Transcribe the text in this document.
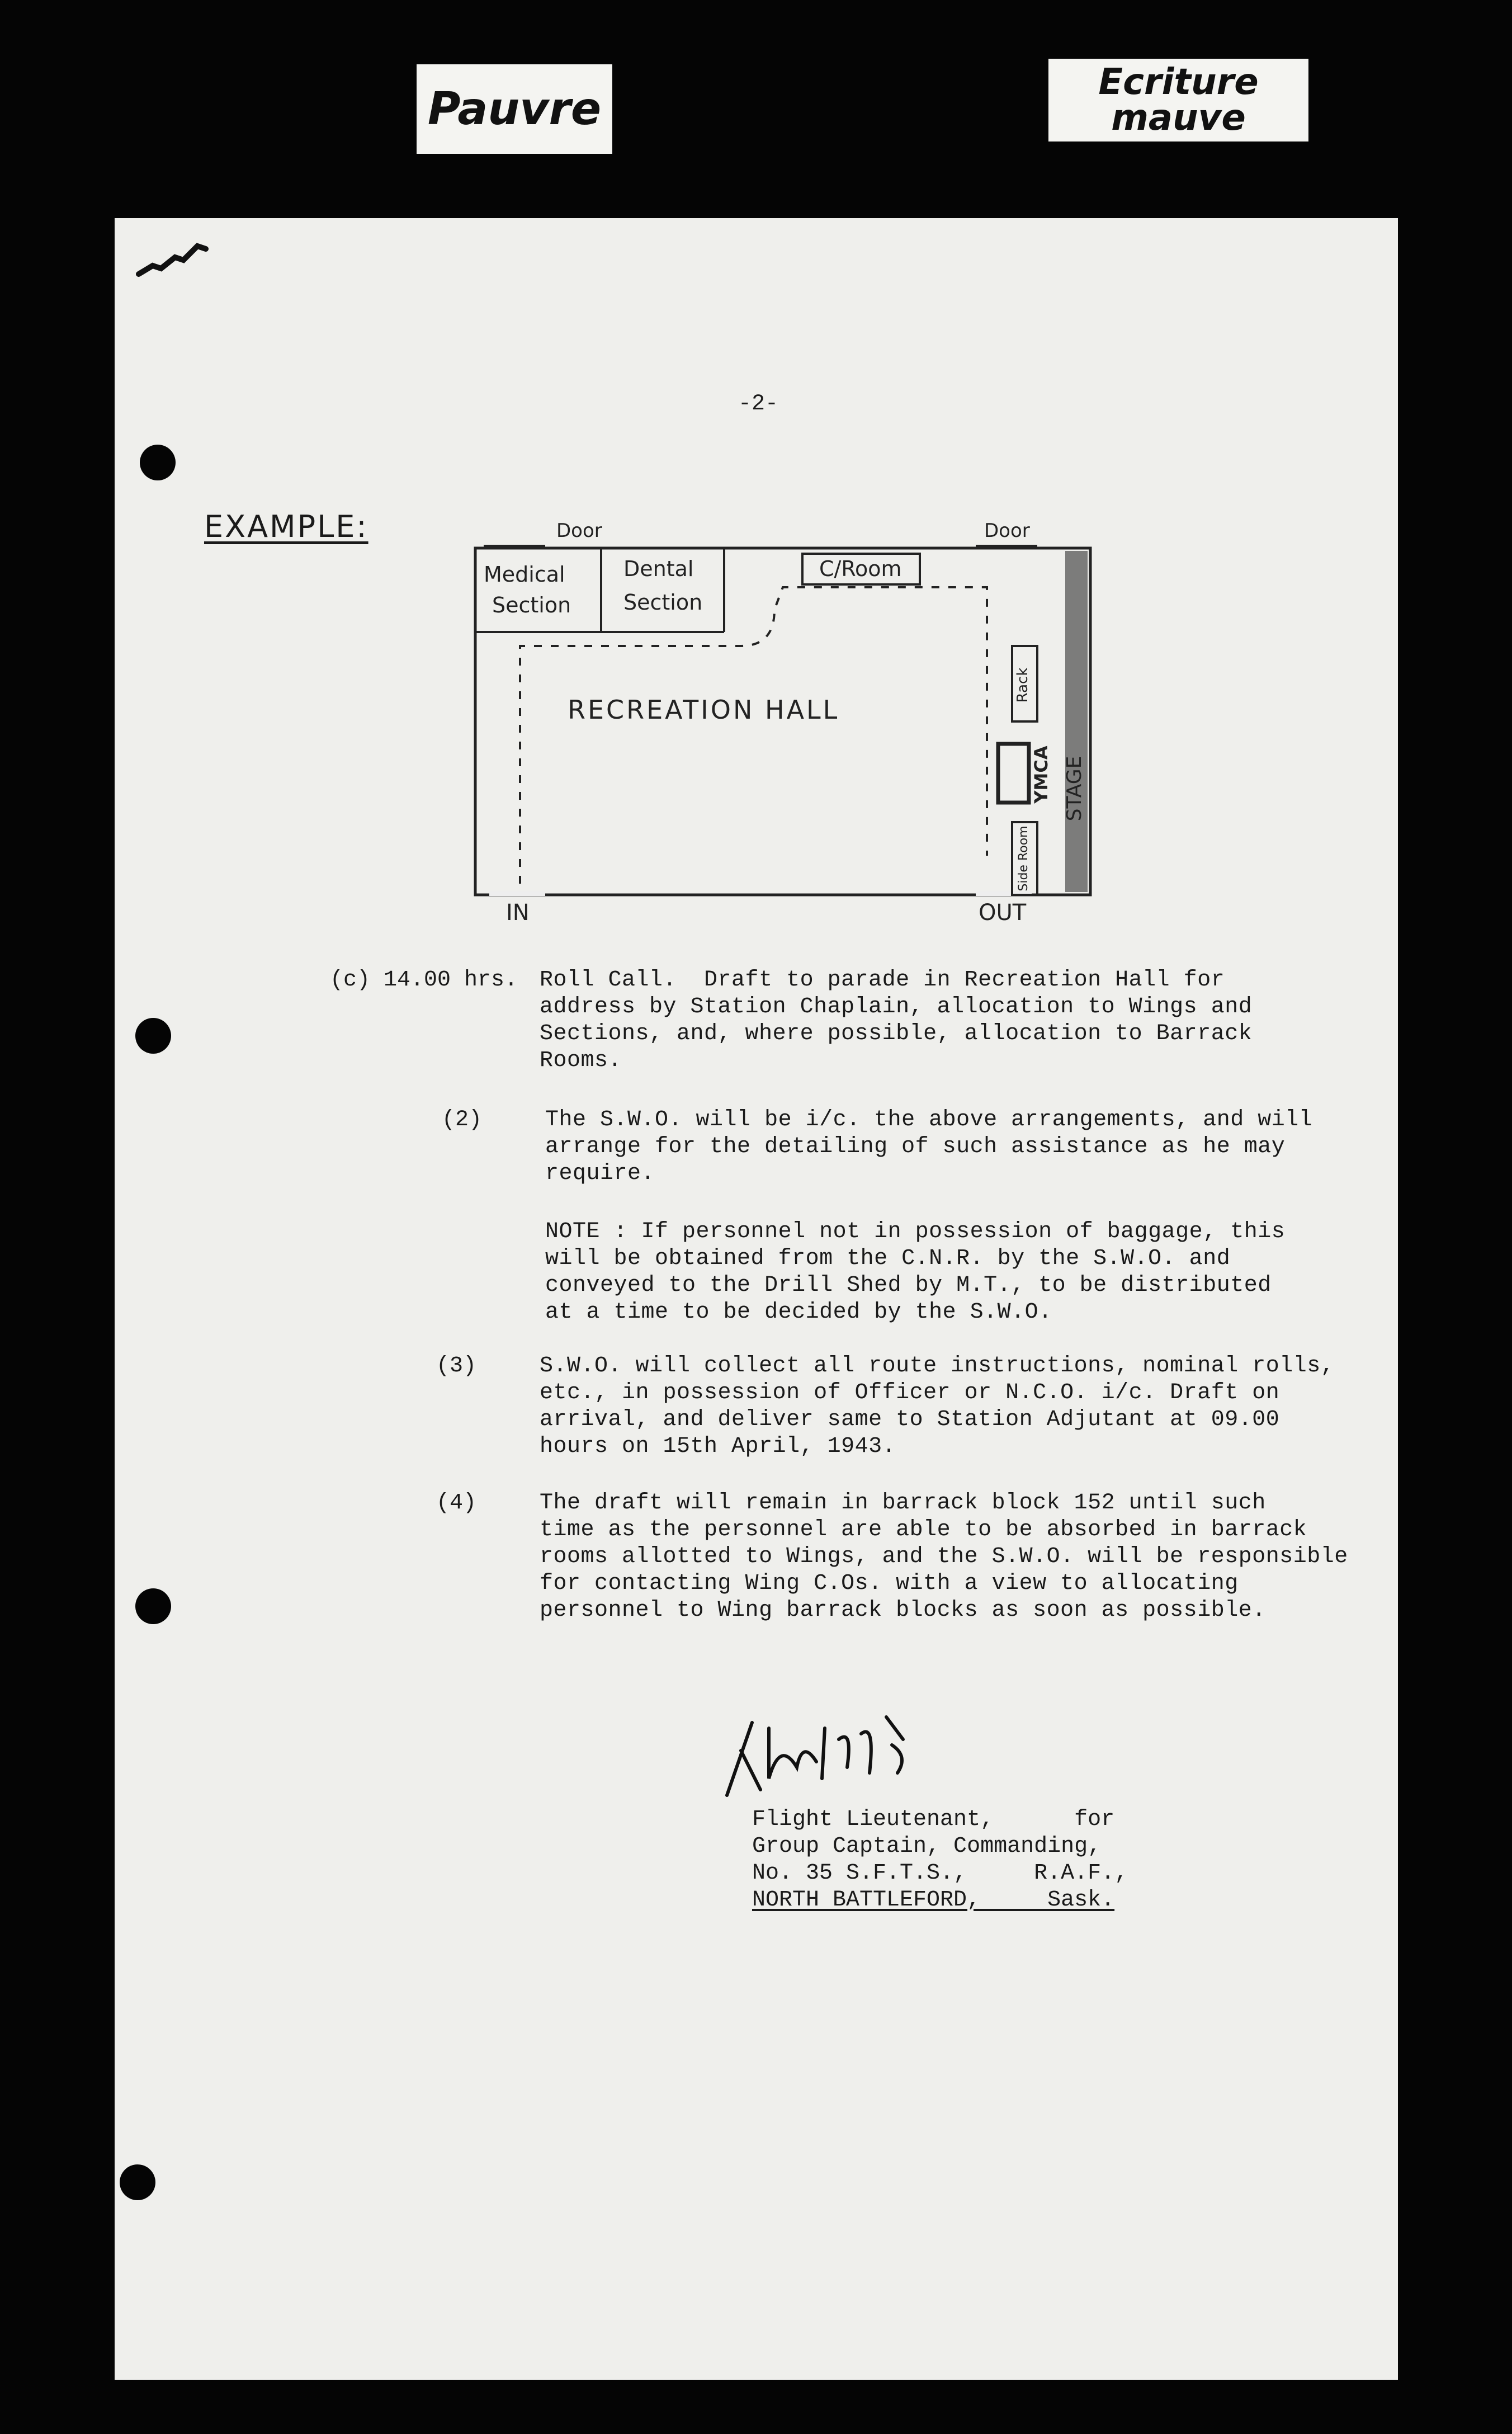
Pauvre
Ecriture
mauve
-2-
EXAMPLE:	Door	Door
Medical
Section
Dental
Section
C/Room
RECREATION HALL
YMCA
Rack
Side Room
STAGE
IN	OUT
(c) 14.00 hrs. Roll Call.  Draft to parade in Recreation Hall for
address by Station Chaplain, allocation to Wings and
Sections, and, where possible, allocation to Barrack
Rooms.
(2)	The S.W.O. will be i/c. the above arrangements, and will
arrange for the detailing of such assistance as he may
require.
NOTE : If personnel not in possession of baggage, this
will be obtained from the C.N.R. by the S.W.O. and
conveyed to the Drill Shed by M.T., to be distributed
at a time to be decided by the S.W.O.
(3)	S.W.O. will collect all route instructions, nominal rolls,
etc., in possession of Officer or N.C.O. i/c. Draft on
arrival, and deliver same to Station Adjutant at 09.00
hours on 15th April, 1943.
(4)	The draft will remain in barrack block 152 until such
time as the personnel are able to be absorbed in barrack
rooms allotted to Wings, and the S.W.O. will be responsible
for contacting Wing C.Os. with a view to allocating
personnel to Wing barrack blocks as soon as possible.
Flight Lieutenant,      for
Group Captain, Commanding,
No. 35 S.F.T.S.,     R.A.F.,
NORTH BATTLEFORD,     Sask.
